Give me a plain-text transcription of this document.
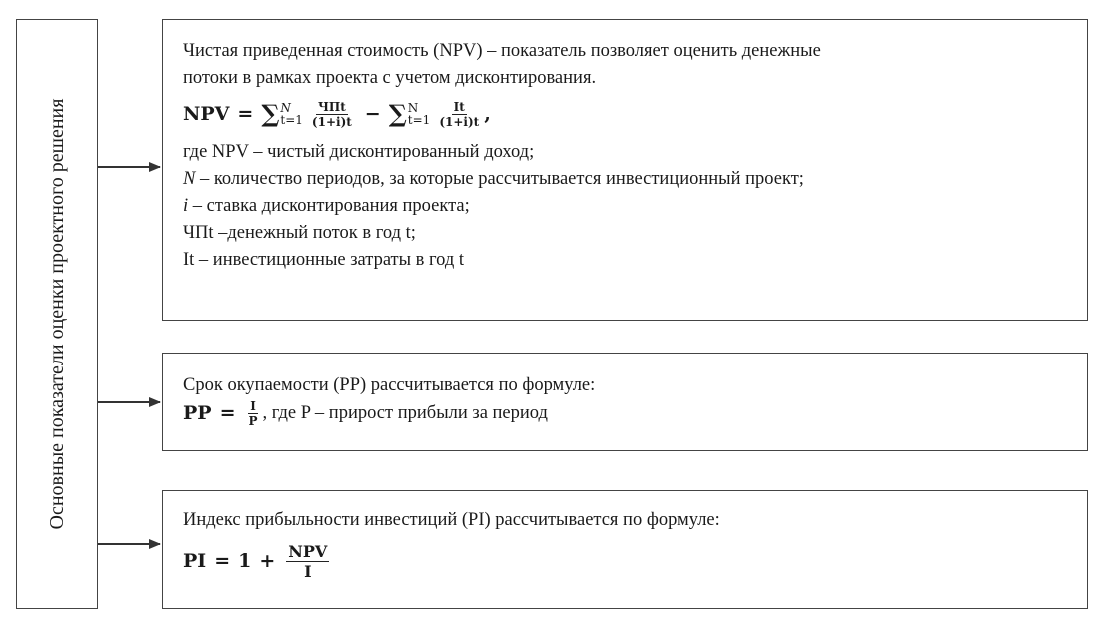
Основные показатели оценки проектного решения
Чистая приведенная стоимость (NPV) – показатель позволяет оценить денежные
потоки в рамках проекта с учетом дисконтирования.
NPV = ∑ N
$t=1 \frac{\text{ЧПt}}{(1+i)t}$ − ∑ N
$t=1 \frac{It}{(1+i)t}$ ,
где NPV – чистый дисконтированный доход;
N – количество периодов, за которые рассчитывается инвестиционный проект;
i – ставка дисконтирования проекта;
ЧПt –денежный поток в год t;
It – инвестиционные затраты в год t
Срок окупаемости (PP) рассчитывается по формуле:
PP = $\frac{I}{P}$ , где P – прирост прибыли за период
Индекс прибыльности инвестиций (PI) рассчитывается по формуле:
PI = $1 + \frac{\text{NPV}}{I}$
